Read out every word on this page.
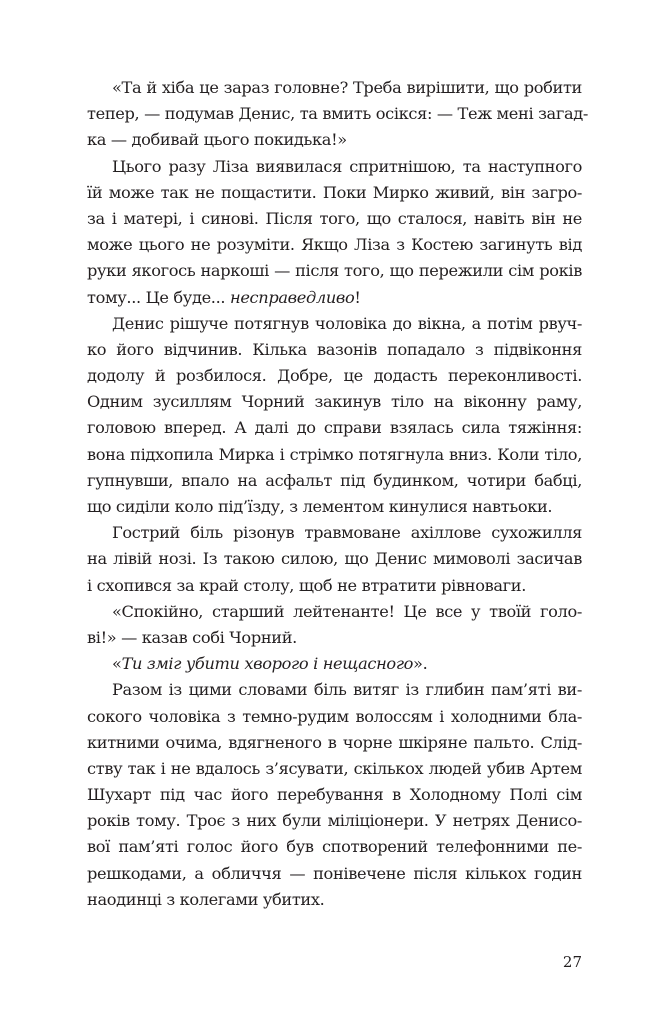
«Та й хіба це зараз головне? Треба вирішити, що робити
тепер, — подумав Денис, та вмить осікся: — Теж мені загад-
ка — добивай цього покидька!»
Цього разу Ліза виявилася спритнішою, та наступного
їй може так не пощастити. Поки Мирко живий, він загро-
за і матері, і синові. Після того, що сталося, навіть він не
може цього не розуміти. Якщо Ліза з Костею загинуть від
руки якогось наркоші — після того, що пережили сім років
тому... Це буде... несправедливо!
Денис рішуче потягнув чоловіка до вікна, а потім рвуч-
ко його відчинив. Кілька вазонів попадало з підвіконня
додолу й розбилося. Добре, це додасть переконливості.
Одним зусиллям Чорний закинув тіло на віконну раму,
головою вперед. А далі до справи взялась сила тяжіння:
вона підхопила Мирка і стрімко потягнула вниз. Коли тіло,
гупнувши, впало на асфальт під будинком, чотири бабці,
що сиділи коло під’їзду, з лементом кинулися навтьоки.
Гострий біль різонув травмоване ахіллове сухожилля
на лівій нозі. Із такою силою, що Денис мимоволі засичав
і схопився за край столу, щоб не втратити рівноваги.
«Спокійно, старший лейтенанте! Це все у твоїй голо-
ві!» — казав собі Чорний.
«Ти зміг убити хворого і нещасного».
Разом із цими словами біль витяг із глибин пам’яті ви-
сокого чоловіка з темно-рудим волоссям і холодними бла-
китними очима, вдягненого в чорне шкіряне пальто. Слід-
ству так і не вдалось з’ясувати, скількох людей убив Артем
Шухарт під час його перебування в Холодному Полі сім
років тому. Троє з них були міліціонери. У нетрях Денисо-
вої пам’яті голос його був спотворений телефонними пе-
решкодами, а обличчя — понівечене після кількох годин
наодинці з колегами убитих.
27
